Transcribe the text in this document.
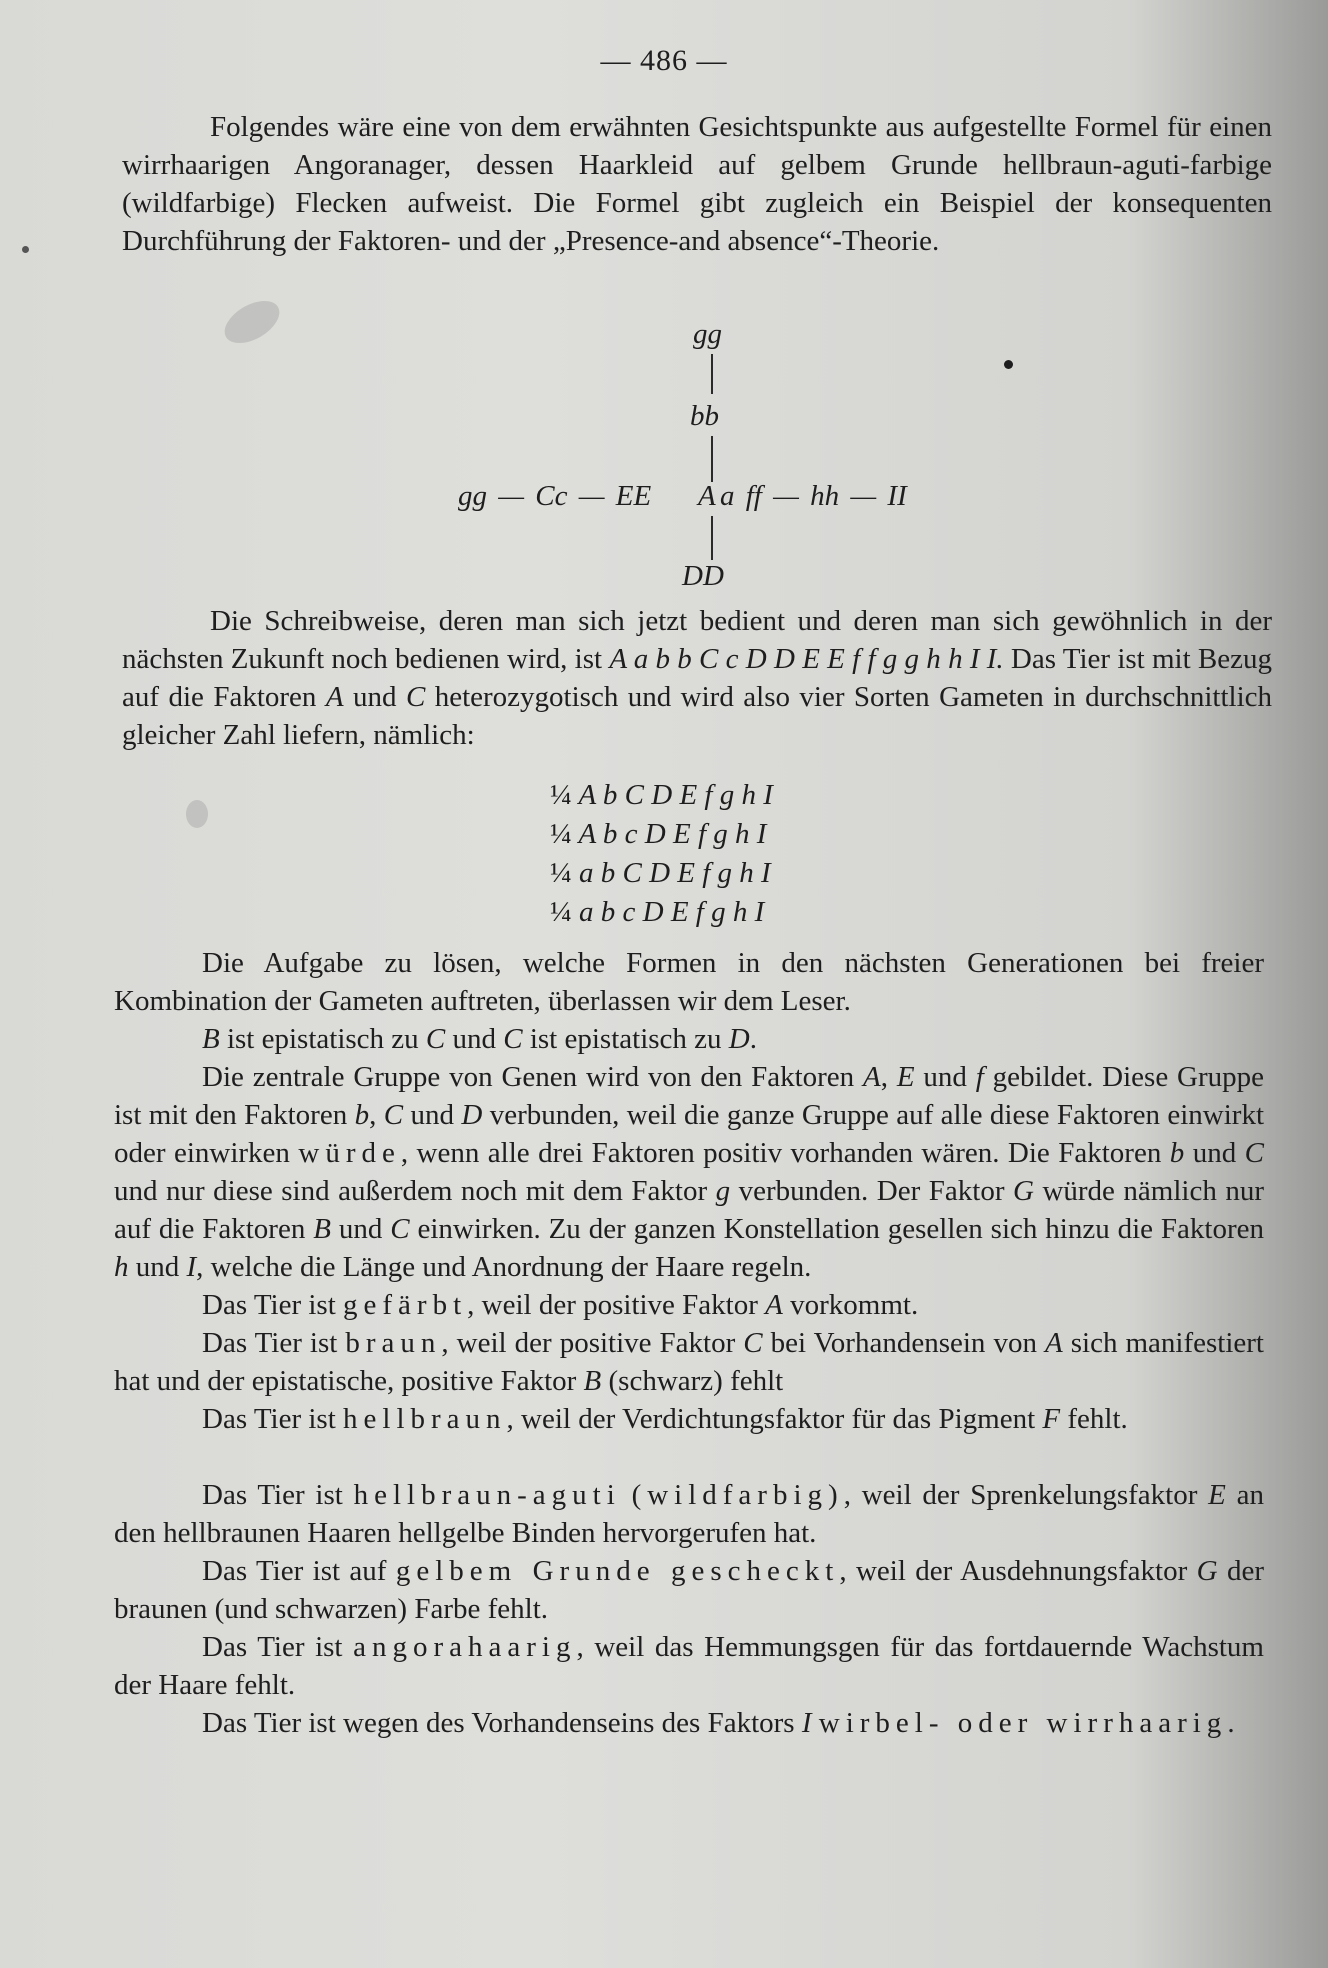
— 486 —

Folgendes wäre eine von dem erwähnten Gesichtspunkte aus aufgestellte Formel für einen wirrhaarigen Angoranager, dessen Haarkleid auf gelbem Grunde hellbraun-aguti-farbige (wildfarbige) Flecken aufweist. Die Formel gibt zugleich ein Beispiel der konsequenten Durchführung der Faktoren- und der „Presence-and absence“-Theorie.

gg
bb
gg — Cc — EE A a ff — hh — II
DD

Die Schreibweise, deren man sich jetzt bedient und deren man sich gewöhnlich in der nächsten Zukunft noch bedienen wird, ist A a b b C c D D E E f f g g h h I I. Das Tier ist mit Bezug auf die Faktoren A und C heterozygotisch und wird also vier Sorten Gameten in durchschnittlich gleicher Zahl liefern, nämlich:

¼ A b C D E f g h I
¼ A b c D E f g h I
¼ a b C D E f g h I
¼ a b c D E f g h I

Die Aufgabe zu lösen, welche Formen in den nächsten Generationen bei freier Kombination der Gameten auftreten, überlassen wir dem Leser.

B ist epistatisch zu C und C ist epistatisch zu D.

Die zentrale Gruppe von Genen wird von den Faktoren A, E und f gebildet. Diese Gruppe ist mit den Faktoren b, C und D verbunden, weil die ganze Gruppe auf alle diese Faktoren einwirkt oder einwirken würde, wenn alle drei Faktoren positiv vorhanden wären. Die Faktoren b und C und nur diese sind außerdem noch mit dem Faktor g verbunden. Der Faktor G würde nämlich nur auf die Faktoren B und C einwirken. Zu der ganzen Konstellation gesellen sich hinzu die Faktoren h und I, welche die Länge und Anordnung der Haare regeln.

Das Tier ist gefärbt, weil der positive Faktor A vorkommt.

Das Tier ist braun, weil der positive Faktor C bei Vorhandensein von A sich manifestiert hat und der epistatische, positive Faktor B (schwarz) fehlt

Das Tier ist hellbraun, weil der Verdichtungsfaktor für das Pigment F fehlt.

Das Tier ist hellbraun-aguti (wildfarbig), weil der Sprenkelungsfaktor E an den hellbraunen Haaren hellgelbe Binden hervorgerufen hat.

Das Tier ist auf gelbem Grunde gescheckt, weil der Ausdehnungsfaktor G der braunen (und schwarzen) Farbe fehlt.

Das Tier ist angorahaarig, weil das Hemmungsgen für das fortdauernde Wachstum der Haare fehlt.

Das Tier ist wegen des Vorhandenseins des Faktors I wirbel- oder wirrhaarig.
